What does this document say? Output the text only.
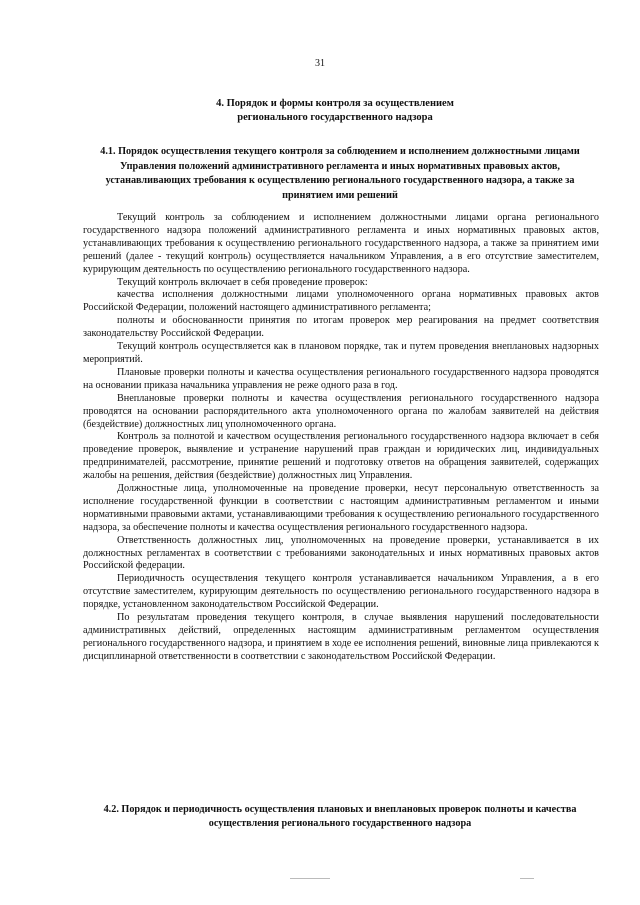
31
4. Порядок и формы контроля за осуществлением
регионального государственного надзора
4.1. Порядок осуществления текущего контроля за соблюдением и исполнением должностными лицами Управления положений административного регламента и иных нормативных правовых актов, устанавливающих требования к осуществлению регионального государственного надзора, а также за принятием ими решений

Текущий контроль за соблюдением и исполнением должностными лицами органа регионального государственного надзора положений административного регламента и иных нормативных правовых актов, устанавливающих требования к осуществлению регионального государственного надзора, а также за принятием ими решений (далее - текущий контроль) осуществляется начальником Управления, а в его отсутствие заместителем, курирующим деятельность по осуществлению регионального государственного надзора.

Текущий контроль включает в себя проведение проверок:

качества исполнения должностными лицами уполномоченного органа нормативных правовых актов Российской Федерации, положений настоящего административного регламента;

полноты и обоснованности принятия по итогам проверок мер реагирования на предмет соответствия законодательству Российской Федерации.

Текущий контроль осуществляется как в плановом порядке, так и путем проведения внеплановых надзорных мероприятий.

Плановые проверки полноты и качества осуществления регионального государственного надзора проводятся на основании приказа начальника управления не реже одного раза в год.

Внеплановые проверки полноты и качества осуществления регионального государственного надзора проводятся на основании распорядительного акта уполномоченного органа по жалобам заявителей на действия (бездействие) должностных лиц уполномоченного органа.

Контроль за полнотой и качеством осуществления регионального государственного надзора включает в себя проведение проверок, выявление и устранение нарушений прав граждан и юридических лиц, индивидуальных предпринимателей, рассмотрение, принятие решений и подготовку ответов на обращения заявителей, содержащих жалобы на решения, действия (бездействие) должностных лиц Управления.

Должностные лица, уполномоченные на проведение проверки, несут персональную ответственность за исполнение государственной функции в соответствии с настоящим административным регламентом и иными нормативными правовыми актами, устанавливающими требования к осуществлению регионального государственного надзора, за обеспечение полноты и качества осуществления регионального государственного надзора.

Ответственность должностных лиц, уполномоченных на проведение проверки, устанавливается в их должностных регламентах в соответствии с требованиями законодательных и иных нормативных правовых актов Российской федерации.

Периодичность осуществления текущего контроля устанавливается начальником Управления, а в его отсутствие заместителем, курирующим деятельность по осуществлению регионального государственного надзора в порядке, установленном законодательством Российской Федерации.

По результатам проведения текущего контроля, в случае выявления нарушений последовательности административных действий, определенных настоящим административным регламентом осуществления регионального государственного надзора, и принятием в ходе ее исполнения решений, виновные лица привлекаются к дисциплинарной ответственности в соответствии с законодательством Российской Федерации.

4.2. Порядок и периодичность осуществления плановых и внеплановых проверок полноты и качества осуществления регионального государственного надзора
